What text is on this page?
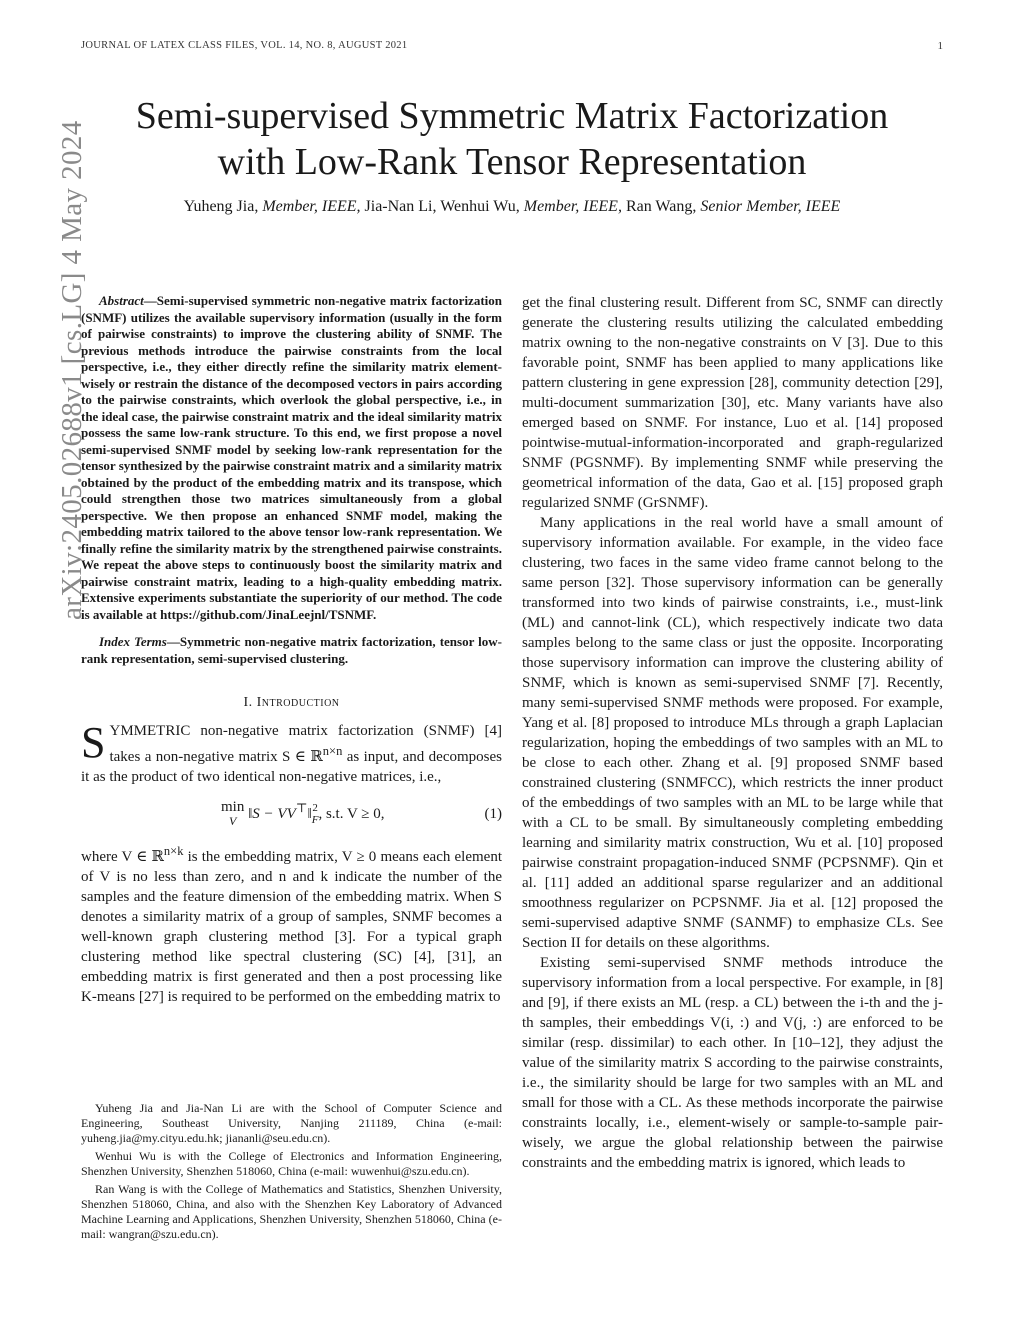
JOURNAL OF LATEX CLASS FILES, VOL. 14, NO. 8, AUGUST 2021	1
arXiv:2405.02688v1 [cs.LG] 4 May 2024
Semi-supervised Symmetric Matrix Factorization
with Low-Rank Tensor Representation
Yuheng Jia, Member, IEEE, Jia-Nan Li, Wenhui Wu, Member, IEEE, Ran Wang, Senior Member, IEEE

Abstract—Semi-supervised symmetric non-negative matrix factorization (SNMF) utilizes the available supervisory information (usually in the form of pairwise constraints) to improve the clustering ability of SNMF. The previous methods introduce the pairwise constraints from the local perspective, i.e., they either directly refine the similarity matrix element-wisely or restrain the distance of the decomposed vectors in pairs according to the pairwise constraints, which overlook the global perspective, i.e., in the ideal case, the pairwise constraint matrix and the ideal similarity matrix possess the same low-rank structure. To this end, we first propose a novel semi-supervised SNMF model by seeking low-rank representation for the tensor synthesized by the pairwise constraint matrix and a similarity matrix obtained by the product of the embedding matrix and its transpose, which could strengthen those two matrices simultaneously from a global perspective. We then propose an enhanced SNMF model, making the embedding matrix tailored to the above tensor low-rank representation. We finally refine the similarity matrix by the strengthened pairwise constraints. We repeat the above steps to continuously boost the similarity matrix and pairwise constraint matrix, leading to a high-quality embedding matrix. Extensive experiments substantiate the superiority of our method. The code is available at https://github.com/JinaLeejnl/TSNMF.

Index Terms—Symmetric non-negative matrix factorization, tensor low-rank representation, semi-supervised clustering.

I. Introduction

SYMMETRIC non-negative matrix factorization (SNMF) [4] takes a non-negative matrix S ∈ ℝ$^{n\times n}$ as input, and decomposes it as the product of two identical non-negative matrices, i.e.,

min
V ‖S − VV⊤‖2
F, s.t. V ≥ 0,	(1)

where V ∈ ℝ$^{n\times k}$ is the embedding matrix, V ≥ 0 means each element of V is no less than zero, and n and k indicate the number of the samples and the feature dimension of the embedding matrix. When S denotes a similarity matrix of a group of samples, SNMF becomes a well-known graph clustering method [3]. For a typical graph clustering method like spectral clustering (SC) [4], [31], an embedding matrix is first generated and then a post processing like K-means [27] is required to be performed on the embedding matrix to

Yuheng Jia and Jia-Nan Li are with the School of Computer Science and Engineering, Southeast University, Nanjing 211189, China (e-mail: yuheng.jia@my.cityu.edu.hk; jiananli@seu.edu.cn).

Wenhui Wu is with the College of Electronics and Information Engineering, Shenzhen University, Shenzhen 518060, China (e-mail: wuwenhui@szu.edu.cn).

Ran Wang is with the College of Mathematics and Statistics, Shenzhen University, Shenzhen 518060, China, and also with the Shenzhen Key Laboratory of Advanced Machine Learning and Applications, Shenzhen University, Shenzhen 518060, China (e-mail: wangran@szu.edu.cn).

get the final clustering result. Different from SC, SNMF can directly generate the clustering results utilizing the calculated embedding matrix owning to the non-negative constraints on V [3]. Due to this favorable point, SNMF has been applied to many applications like pattern clustering in gene expression [28], community detection [29], multi-document summarization [30], etc. Many variants have also emerged based on SNMF. For instance, Luo et al. [14] proposed pointwise-mutual-information-incorporated and graph-regularized SNMF (PGSNMF). By implementing SNMF while preserving the geometrical information of the data, Gao et al. [15] proposed graph regularized SNMF (GrSNMF).

Many applications in the real world have a small amount of supervisory information available. For example, in the video face clustering, two faces in the same video frame cannot belong to the same person [32]. Those supervisory information can be generally transformed into two kinds of pairwise constraints, i.e., must-link (ML) and cannot-link (CL), which respectively indicate two data samples belong to the same class or just the opposite. Incorporating those supervisory information can improve the clustering ability of SNMF, which is known as semi-supervised SNMF [7]. Recently, many semi-supervised SNMF methods were proposed. For example, Yang et al. [8] proposed to introduce MLs through a graph Laplacian regularization, hoping the embeddings of two samples with an ML to be close to each other. Zhang et al. [9] proposed SNMF based constrained clustering (SNMFCC), which restricts the inner product of the embeddings of two samples with an ML to be large while that with a CL to be small. By simultaneously completing embedding learning and similarity matrix construction, Wu et al. [10] proposed pairwise constraint propagation-induced SNMF (PCPSNMF). Qin et al. [11] added an additional sparse regularizer and an additional smoothness regularizer on PCPSNMF. Jia et al. [12] proposed the semi-supervised adaptive SNMF (SANMF) to emphasize CLs. See Section II for details on these algorithms.

Existing semi-supervised SNMF methods introduce the supervisory information from a local perspective. For example, in [8] and [9], if there exists an ML (resp. a CL) between the i-th and the j-th samples, their embeddings V(i, :) and V(j, :) are enforced to be similar (resp. dissimilar) to each other. In [10–12], they adjust the value of the similarity matrix S according to the pairwise constraints, i.e., the similarity should be large for two samples with an ML and small for those with a CL. As these methods incorporate the pairwise constraints locally, i.e., element-wisely or sample-to-sample pair-wisely, we argue the global relationship between the pairwise constraints and the embedding matrix is ignored, which leads to
